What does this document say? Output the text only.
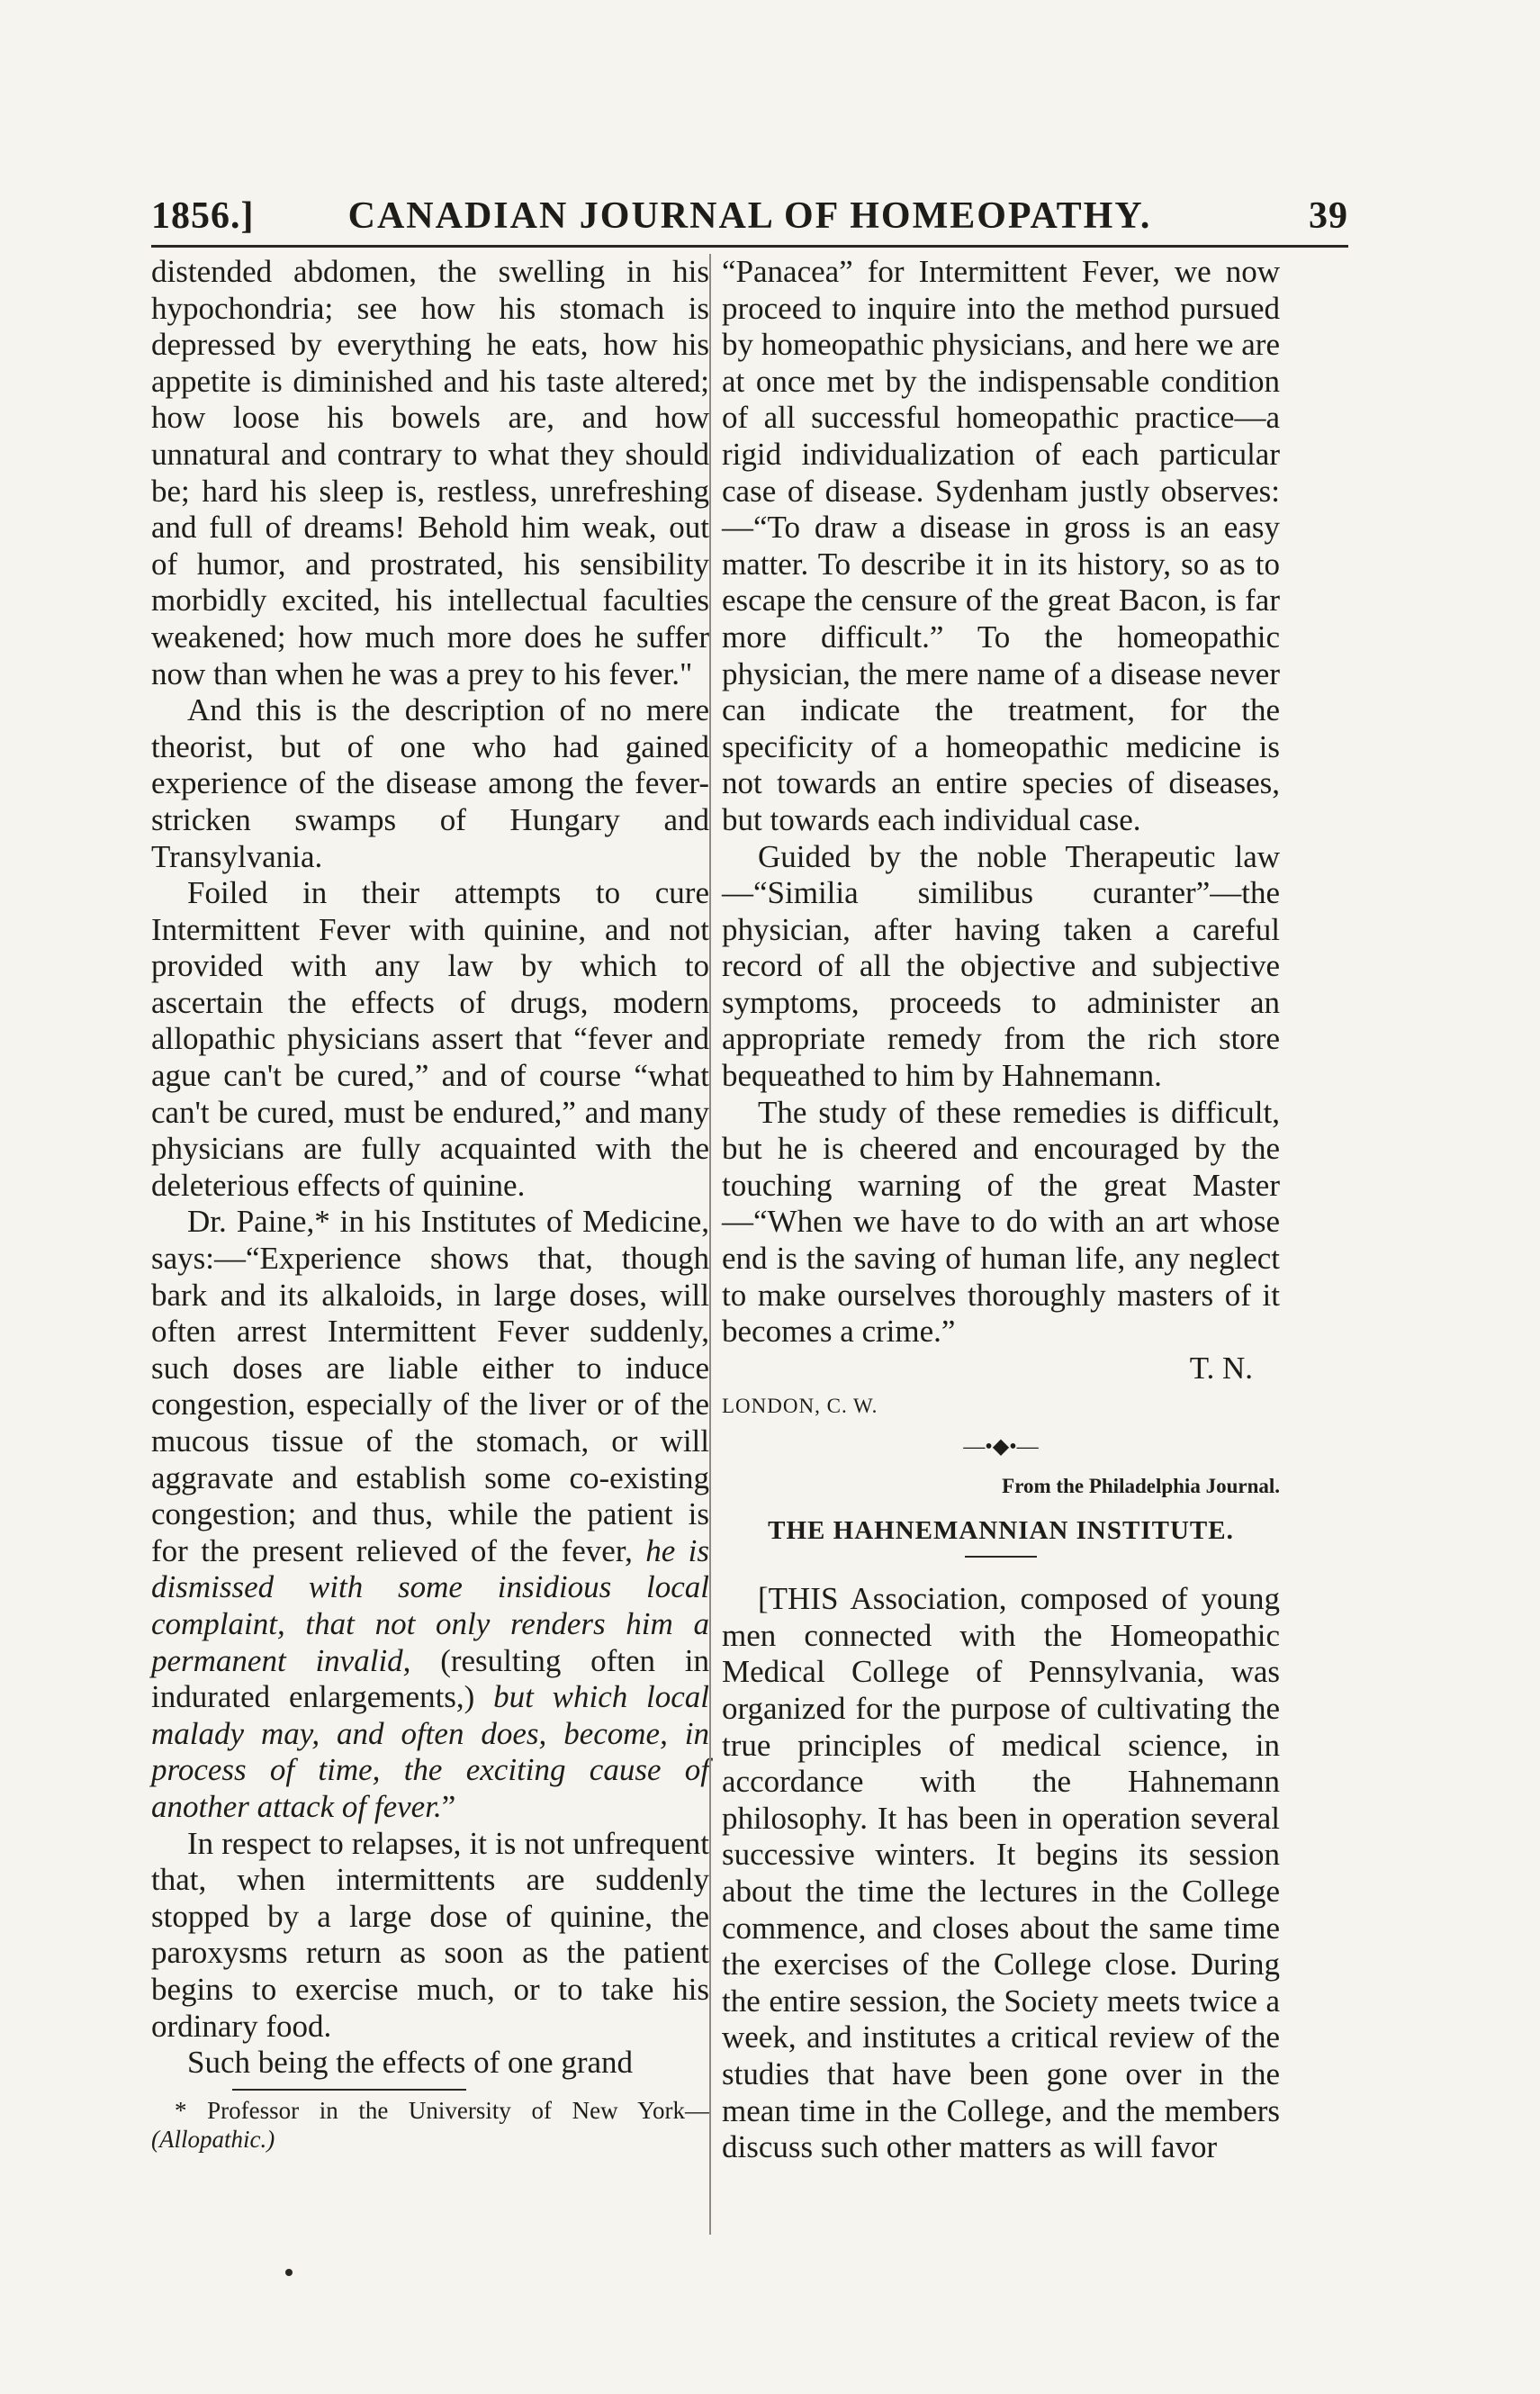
1856.]	CANADIAN JOURNAL OF HOMEOPATHY.	39

distended abdomen, the swelling in his hypochondria; see how his stomach is depressed by everything he eats, how his appetite is diminished and his taste altered; how loose his bowels are, and how unnatural and contrary to what they should be; hard his sleep is, restless, unrefreshing and full of dreams! Behold him weak, out of humor, and prostrated, his sensibility morbidly excited, his intellectual faculties weakened; how much more does he suffer now than when he was a prey to his fever."

And this is the description of no mere theorist, but of one who had gained experience of the disease among the fever-stricken swamps of Hungary and Transylvania.

Foiled in their attempts to cure Intermittent Fever with quinine, and not provided with any law by which to ascertain the effects of drugs, modern allopathic physicians assert that “fever and ague can't be cured,” and of course “what can't be cured, must be endured,” and many physicians are fully acquainted with the deleterious effects of quinine.

Dr. Paine,* in his Institutes of Medicine, says:—“Experience shows that, though bark and its alkaloids, in large doses, will often arrest Intermittent Fever suddenly, such doses are liable either to induce congestion, especially of the liver or of the mucous tissue of the stomach, or will aggravate and establish some co-existing congestion; and thus, while the patient is for the present relieved of the fever, he is dismissed with some insidious local complaint, that not only renders him a permanent invalid, (resulting often in indurated enlargements,) but which local malady may, and often does, become, in process of time, the exciting cause of another attack of fever.”

In respect to relapses, it is not unfrequent that, when intermittents are suddenly stopped by a large dose of quinine, the paroxysms return as soon as the patient begins to exercise much, or to take his ordinary food.

Such being the effects of one grand

* Professor in the University of New York— (Allopathic.)

“Panacea” for Intermittent Fever, we now proceed to inquire into the method pursued by homeopathic physicians, and here we are at once met by the indispensable condition of all successful homeopathic practice—a rigid individualization of each particular case of disease. Sydenham justly observes:—“To draw a disease in gross is an easy matter. To describe it in its history, so as to escape the censure of the great Bacon, is far more difficult.” To the homeopathic physician, the mere name of a disease never can indicate the treatment, for the specificity of a homeopathic medicine is not towards an entire species of diseases, but towards each individual case.

Guided by the noble Therapeutic law—“Similia similibus curanter”—the physician, after having taken a careful record of all the objective and subjective symptoms, proceeds to administer an appropriate remedy from the rich store bequeathed to him by Hahnemann.

The study of these remedies is difficult, but he is cheered and encouraged by the touching warning of the great Master—“When we have to do with an art whose end is the saving of human life, any neglect to make ourselves thoroughly masters of it becomes a crime.”

T. N.

LONDON, C. W.

—•◆•—

From the Philadelphia Journal.

THE HAHNEMANNIAN INSTITUTE.

[THIS Association, composed of young men connected with the Homeopathic Medical College of Pennsylvania, was organized for the purpose of cultivating the true principles of medical science, in accordance with the Hahnemann philosophy. It has been in operation several successive winters. It begins its session about the time the lectures in the College commence, and closes about the same time the exercises of the College close. During the entire session, the Society meets twice a week, and institutes a critical review of the studies that have been gone over in the mean time in the College, and the members discuss such other matters as will favor
